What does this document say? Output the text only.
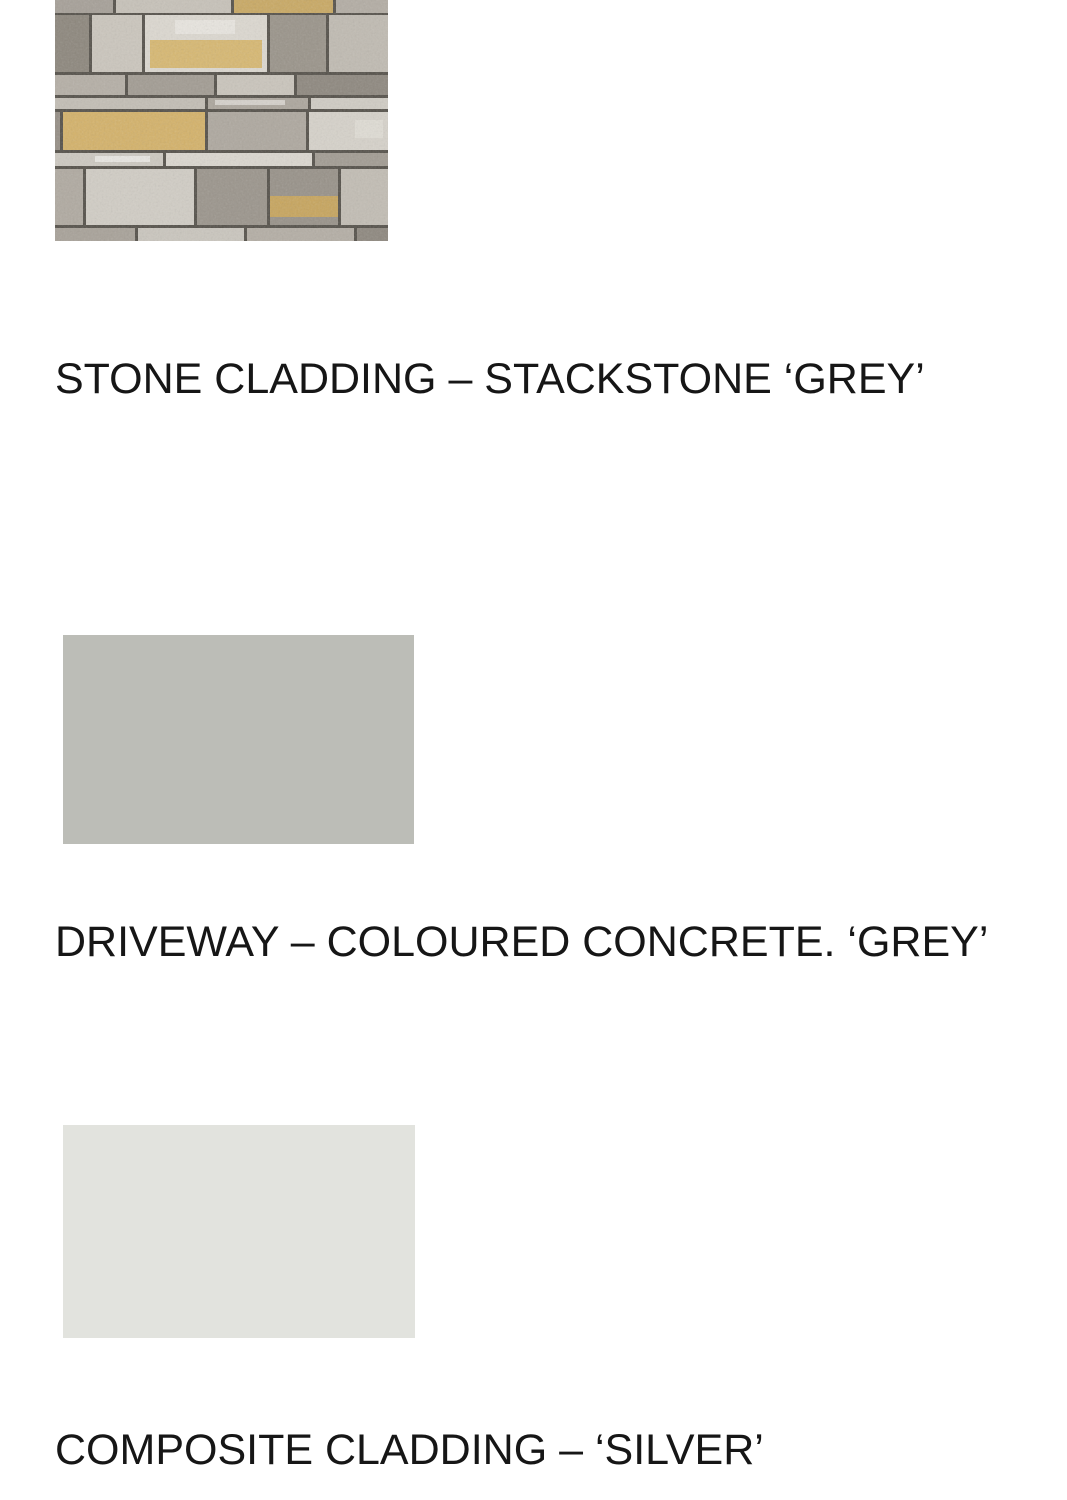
STONE CLADDING – STACKSTONE ‘GREY’
DRIVEWAY – COLOURED CONCRETE. ‘GREY’
COMPOSITE CLADDING – ‘SILVER’
